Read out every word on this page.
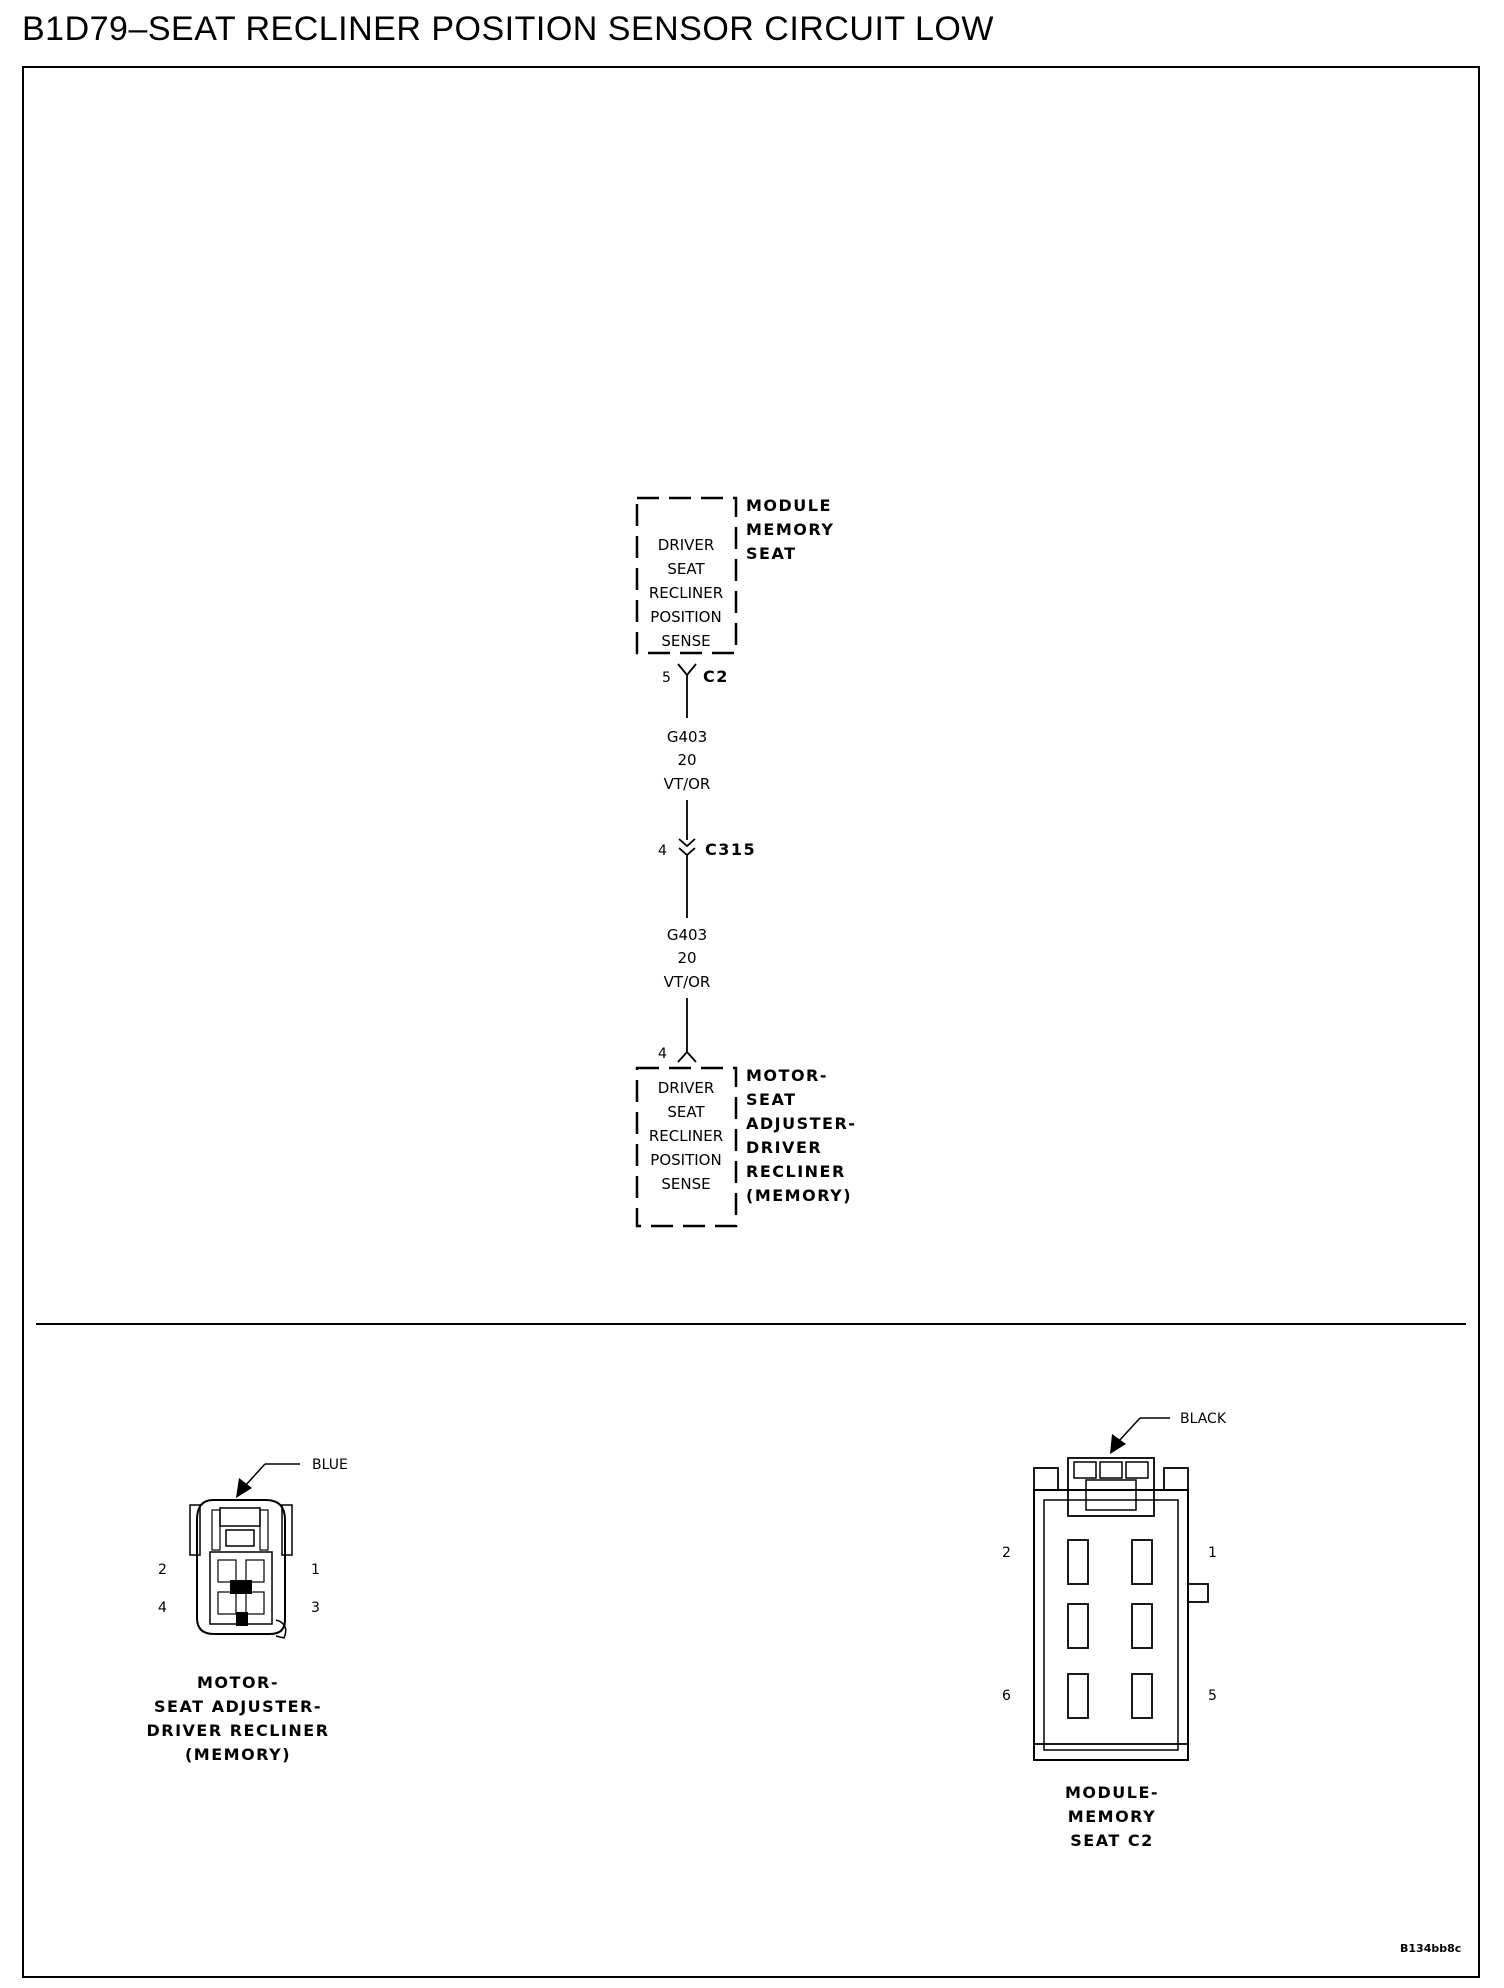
B1D79–SEAT RECLINER POSITION SENSOR CIRCUIT LOW
DRIVER
SEAT
RECLINER
POSITION
SENSE
MODULE
MEMORY
SEAT
5 C2
G403
20
VT/OR
4 C315
G403
20
VT/OR
4
DRIVER
SEAT
RECLINER
POSITION
SENSE
MOTOR-
SEAT
ADJUSTER-
DRIVER
RECLINER
(MEMORY)
BLUE
2	1
4	3
MOTOR-
SEAT ADJUSTER-
DRIVER RECLINER
(MEMORY)
BLACK
2	1
6	5
MODULE-
MEMORY
SEAT C2
B134bb8c
